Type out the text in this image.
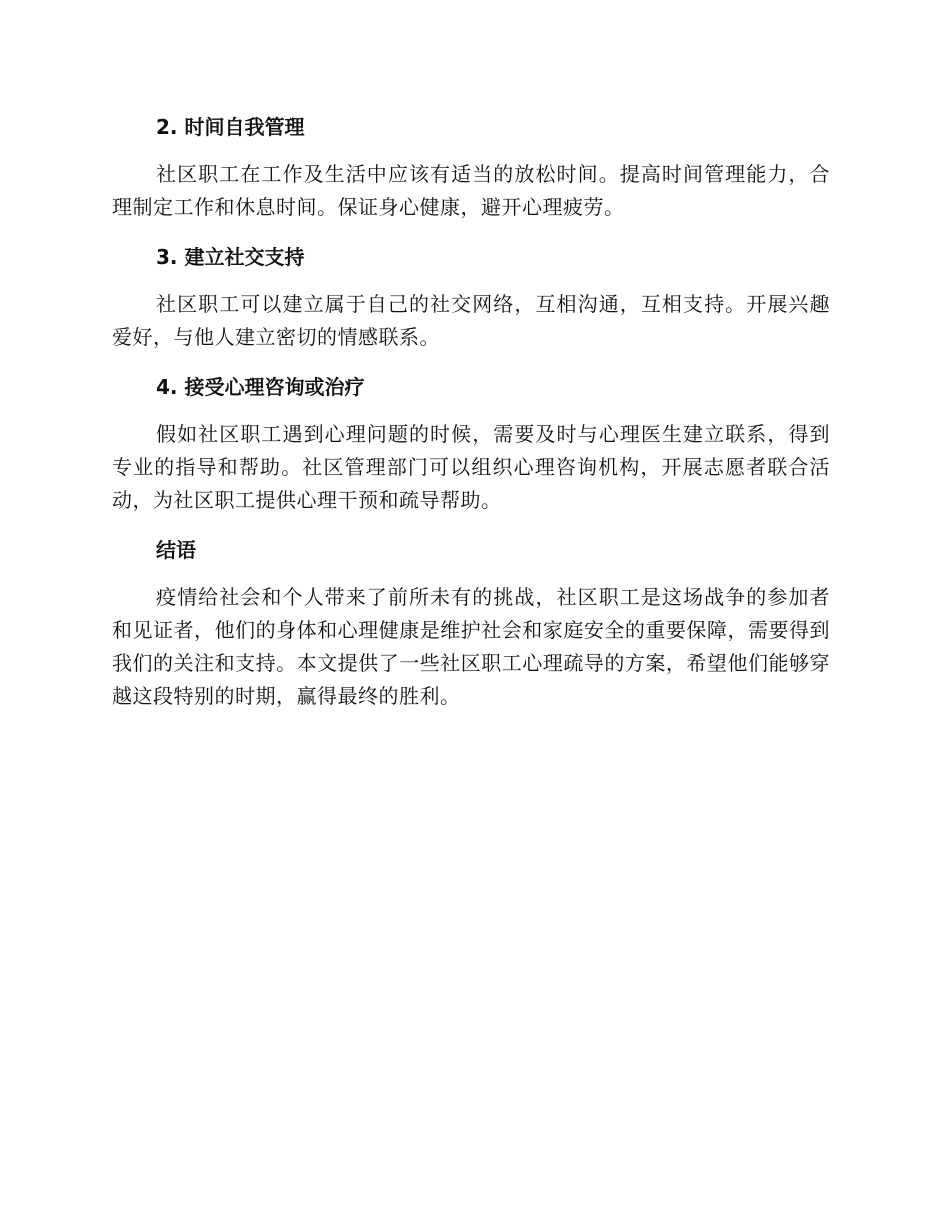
2. 时间自我管理

社区职工在工作及生活中应该有适当的放松时间。提高时间管理能力，合理制定工作和休息时间。保证身心健康，避开心理疲劳。

3. 建立社交支持

社区职工可以建立属于自己的社交网络，互相沟通，互相支持。开展兴趣爱好，与他人建立密切的情感联系。

4. 接受心理咨询或治疗

假如社区职工遇到心理问题的时候，需要及时与心理医生建立联系，得到专业的指导和帮助。社区管理部门可以组织心理咨询机构，开展志愿者联合活动，为社区职工提供心理干预和疏导帮助。

结语

疫情给社会和个人带来了前所未有的挑战，社区职工是这场战争的参加者和见证者，他们的身体和心理健康是维护社会和家庭安全的重要保障，需要得到我们的关注和支持。本文提供了一些社区职工心理疏导的方案，希望他们能够穿越这段特别的时期，赢得最终的胜利。
